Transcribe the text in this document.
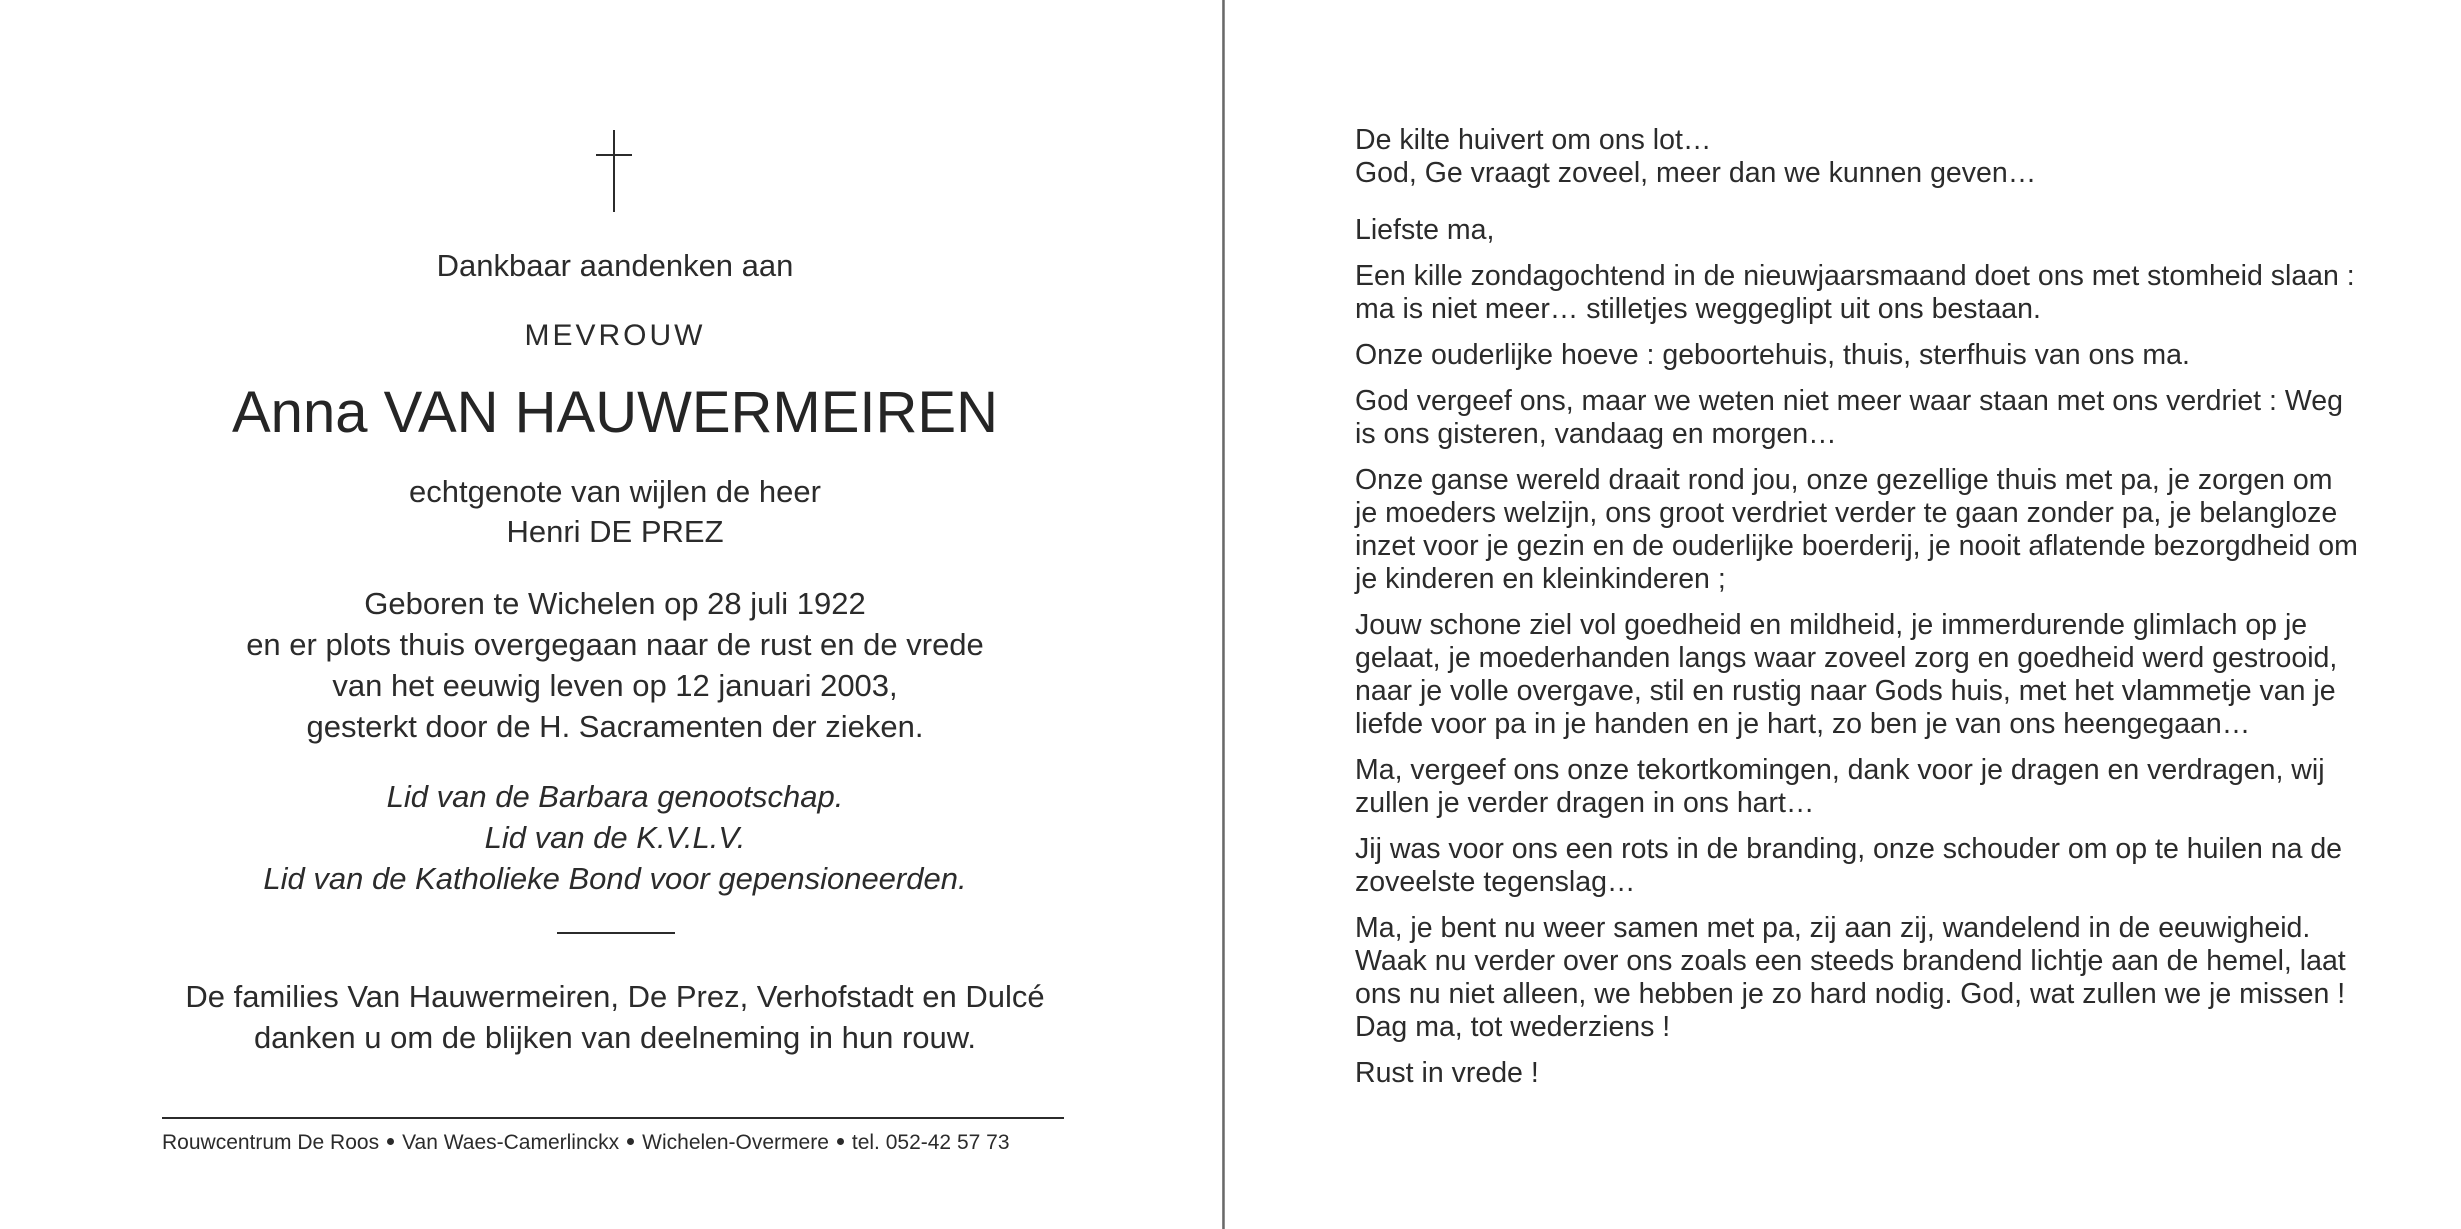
Dankbaar aandenken aan
MEVROUW
Anna VAN HAUWERMEIREN
echtgenote van wijlen de heer
Henri DE PREZ
Geboren te Wichelen op 28 juli 1922
en er plots thuis overgegaan naar de rust en de vrede
van het eeuwig leven op 12 januari 2003,
gesterkt door de H. Sacramenten der zieken.
Lid van de Barbara genootschap.
Lid van de K.V.L.V.
Lid van de Katholieke Bond voor gepensioneerden.
De families Van Hauwermeiren, De Prez, Verhofstadt en Dulcé
danken u om de blijken van deelneming in hun rouw.
Rouwcentrum De Roos Van Waes-Camerlinckx Wichelen-Overmere tel. 052-42 57 73

De kilte huivert om ons lot…
God, Ge vraagt zoveel, meer dan we kunnen geven…

Liefste ma,

Een kille zondagochtend in de nieuwjaarsmaand doet ons met stomheid slaan :
ma is niet meer… stilletjes weggeglipt uit ons bestaan.

Onze ouderlijke hoeve : geboortehuis, thuis, sterfhuis van ons ma.

God vergeef ons, maar we weten niet meer waar staan met ons verdriet : Weg
is ons gisteren, vandaag en morgen…

Onze ganse wereld draait rond jou, onze gezellige thuis met pa, je zorgen om
je moeders welzijn, ons groot verdriet verder te gaan zonder pa, je belangloze
inzet voor je gezin en de ouderlijke boerderij, je nooit aflatende bezorgdheid om
je kinderen en kleinkinderen ;

Jouw schone ziel vol goedheid en mildheid, je immerdurende glimlach op je
gelaat, je moederhanden langs waar zoveel zorg en goedheid werd gestrooid,
naar je volle overgave, stil en rustig naar Gods huis, met het vlammetje van je
liefde voor pa in je handen en je hart, zo ben je van ons heengegaan…

Ma, vergeef ons onze tekortkomingen, dank voor je dragen en verdragen, wij
zullen je verder dragen in ons hart…

Jij was voor ons een rots in de branding, onze schouder om op te huilen na de
zoveelste tegenslag…

Ma, je bent nu weer samen met pa, zij aan zij, wandelend in de eeuwigheid.
Waak nu verder over ons zoals een steeds brandend lichtje aan de hemel, laat
ons nu niet alleen, we hebben je zo hard nodig. God, wat zullen we je missen !
Dag ma, tot wederziens !

Rust in vrede !
